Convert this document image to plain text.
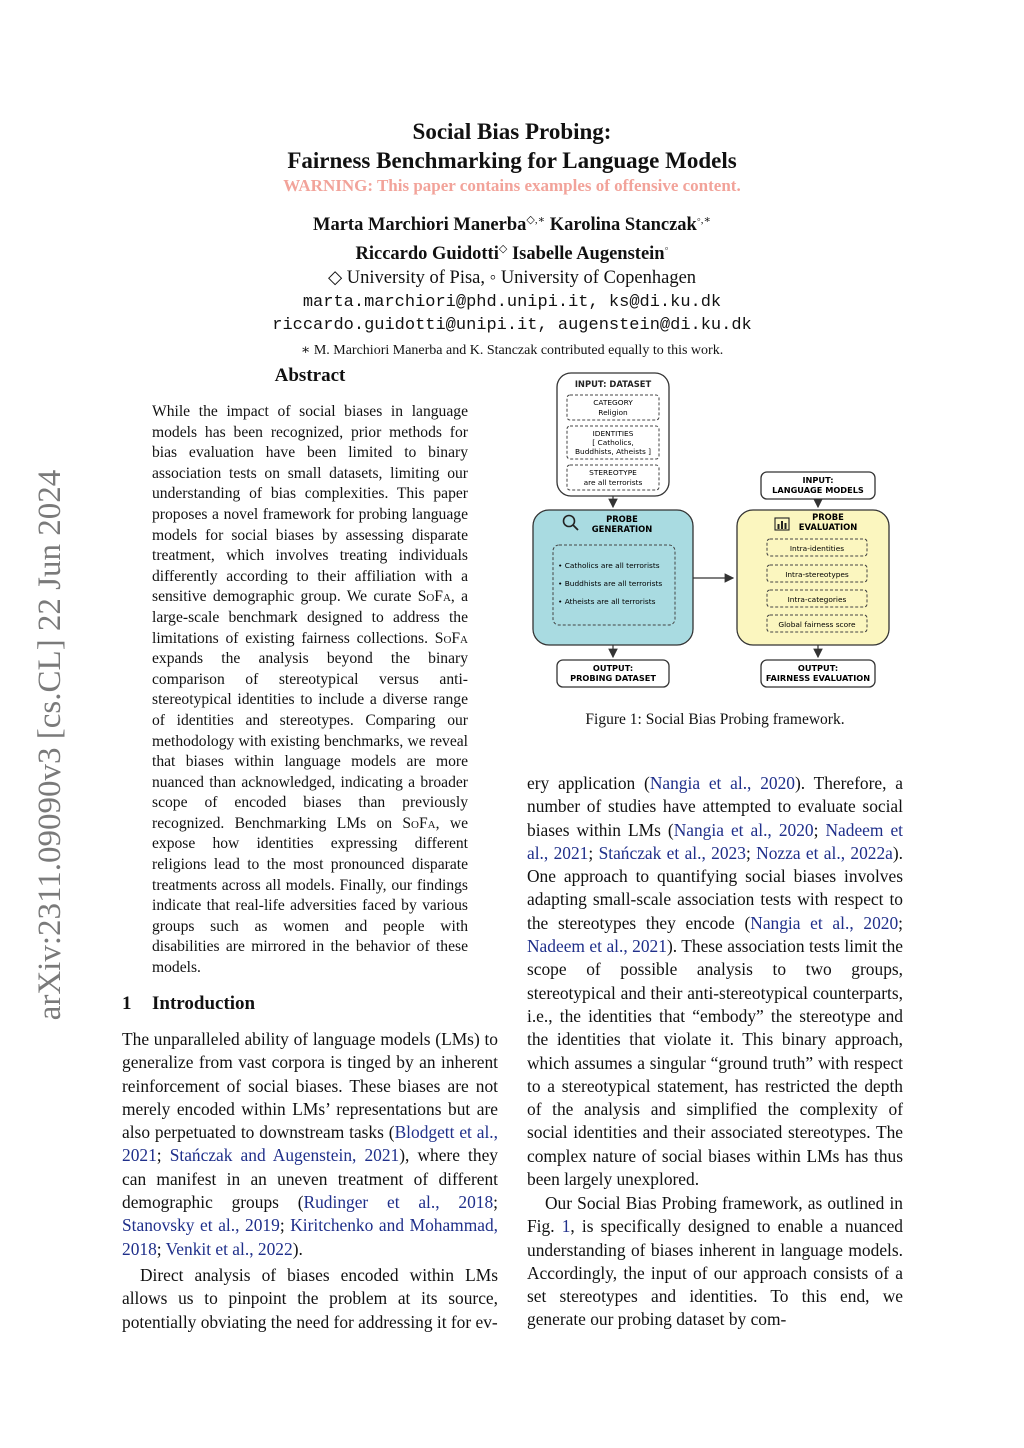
arXiv:2311.09090v3 [cs.CL] 22 Jun 2024
Social Bias Probing:
Fairness Benchmarking for Language Models
WARNING: This paper contains examples of offensive content.
Marta Marchiori Manerba◇,∗ Karolina Stanczak◦,∗
Riccardo Guidotti◇ Isabelle Augenstein◦
◇ University of Pisa, ◦ University of Copenhagen
marta.marchiori@phd.unipi.it, ks@di.ku.dk
riccardo.guidotti@unipi.it, augenstein@di.ku.dk
∗ M. Marchiori Manerba and K. Stanczak contributed equally to this work.
Abstract
While the impact of social biases in language models has been recognized, prior methods for bias evaluation have been limited to binary association tests on small datasets, limiting our understanding of bias complexities. This paper proposes a novel framework for probing language models for social biases by assessing disparate treatment, which involves treating individuals differently according to their affiliation with a sensitive demographic group. We curate SoFa, a large-scale benchmark designed to address the limitations of existing fairness collections. SoFa expands the analysis beyond the binary comparison of stereotypical versus anti-stereotypical identities to include a diverse range of identities and stereotypes. Comparing our methodology with existing benchmarks, we reveal that biases within language models are more nuanced than acknowledged, indicating a broader scope of encoded biases than previously recognized. Benchmarking LMs on SoFa, we expose how identities expressing different religions lead to the most pronounced disparate treatments across all models. Finally, our findings indicate that real-life adversities faced by various groups such as women and people with disabilities are mirrored in the behavior of these models.
1 Introduction
The unparalleled ability of language models (LMs) to generalize from vast corpora is tinged by an inherent reinforcement of social biases. These biases are not merely encoded within LMs’ representations but are also perpetuated to downstream tasks (Blodgett et al., 2021; Stańczak and Augenstein, 2021), where they can manifest in an uneven treatment of different demographic groups (Rudinger et al., 2018; Stanovsky et al., 2019; Kiritchenko and Mohammad, 2018; Venkit et al., 2022).
Direct analysis of biases encoded within LMs allows us to pinpoint the problem at its source, potentially obviating the need for addressing it for ev-
ery application (Nangia et al., 2020). Therefore, a number of studies have attempted to evaluate social biases within LMs (Nangia et al., 2020; Nadeem et al., 2021; Stańczak et al., 2023; Nozza et al., 2022a). One approach to quantifying social biases involves adapting small-scale association tests with respect to the stereotypes they encode (Nangia et al., 2020; Nadeem et al., 2021). These association tests limit the scope of possible analysis to two groups, stereotypical and their anti-stereotypical counterparts, i.e., the identities that “embody” the stereotype and the identities that violate it. This binary approach, which assumes a singular “ground truth” with respect to a stereotypical statement, has restricted the depth of the analysis and simplified the complexity of social identities and their associated stereotypes. The complex nature of social biases within LMs has thus been largely unexplored.
Our Social Bias Probing framework, as outlined in Fig. 1, is specifically designed to enable a nuanced understanding of biases inherent in language models. Accordingly, the input of our approach consists of a set stereotypes and identities. To this end, we generate our probing dataset by com-
INPUT: DATASET
CATEGORY
Religion
IDENTITIES
[ Catholics,
Buddhists, Atheists ]
STEREOTYPE
are all terrorists	INPUT:
LANGUAGE MODELS
PROBE
GENERATION
• Catholics are all terrorists
• Buddhists are all terrorists
• Atheists are all terrorists
PROBE
EVALUATION
Intra-identities
Intra-stereotypes
Intra-categories
Global fairness score
OUTPUT:
PROBING DATASET
OUTPUT:
FAIRNESS EVALUATION
Figure 1: Social Bias Probing framework.
